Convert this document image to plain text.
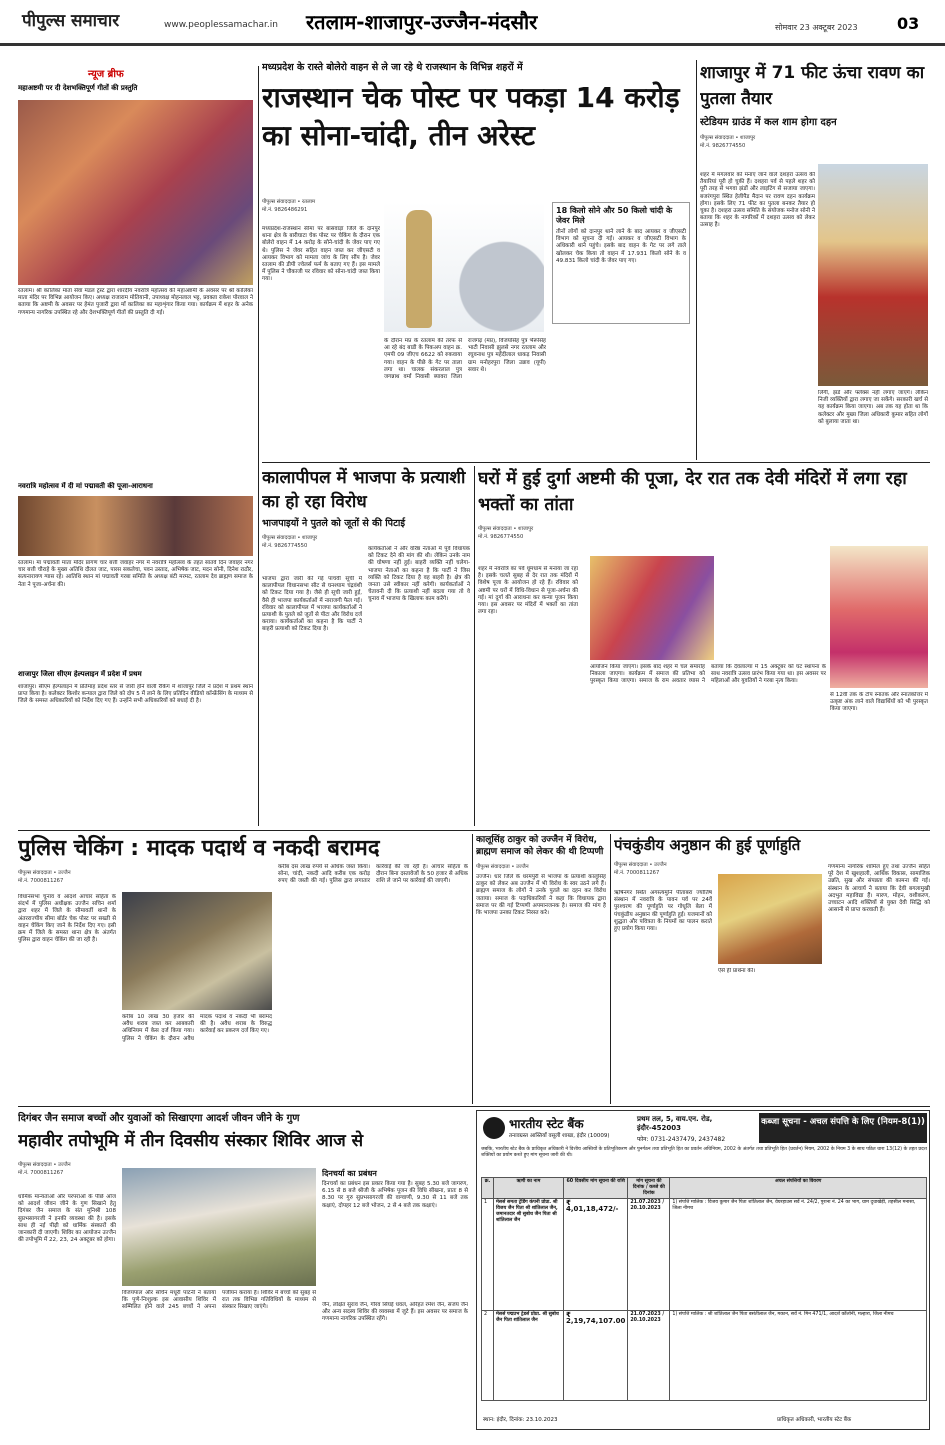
पीपुल्स समाचार	www.peoplessamachar.in रतलाम-शाजापुर-उज्जैन-मंदसौर	सोमवार 23 अक्टूबर 2023 03
न्यूज ब्रीफ
महाअष्टमी पर दी देशभक्तिपूर्ण गीतों की प्रस्तुति
रतलाम। श्री कालिका माता सेवा मंडल ट्रस्ट द्वारा शारदीय नवरात्रि महोत्सव की महाअष्टमी के अवसर पर श्री कालिका माता मंदिर पर विभिन्न आयोजन किए। अध्यक्ष राजाराम मोतियानी, उपाध्यक्ष मोहनलाल भट्ट, प्रवक्ता राकेश पोरवाल ने बताया कि अष्टमी के अवसर पर हेमंत पुजारी द्वारा माँ कालिका का महाशृंगार किया गया। कार्यक्रम में शहर के अनेक गणमान्य नागरिक उपस्थित रहे और देशभक्तिपूर्ण गीतों की प्रस्तुति दी गई।
नवरात्रि महोत्सव में दी मां पद्मावती की पूजा-आराधना
रतलाम। मां पद्मावती माता मंदिर प्रांगण चार बत्ती जवाहर नगर में नवरात्रि महोत्सव के तहत सातवें दिन जवाहर नगर चार बत्ती चौराहे के मुख्य अतिथि दौलत जाट, पारस सकलेचा, पवन उस्ताद, अभिषेक जाट, मदन सोनी, दिनेश राठौर, सत्यनारायण ग्यास रहे। आतिथि स्थान मां पद्मावती गरबा समिति के अध्यक्ष बंटी मरमट, रतलाम देव ब्राह्मण समाज के नेता ने पूजा-अर्चना की।
शाजापुर जिला सीएम हेल्पलाइन में प्रदेश में प्रथम
शाजापुर। सीएम हेल्पलाइन में प्रतिमाह प्रदेश स्तर से जारी होने वाली रैंकिंग में शाजापुर जिले ने प्रदेश में प्रथम स्थान प्राप्त किया है। कलेक्टर किशोर कन्याल द्वारा जिले को दोप 5 में लाने के लिए प्रतिदिन वीडियो कॉन्फ्रेंसिंग के माध्यम से जिले के समस्त अधिकारियों को निर्देश दिए गए हैं। उन्होंने सभी अधिकारियों को बधाई दी है।
मध्यप्रदेश के रास्ते बोलेरो वाहन से ले जा रहे थे राजस्थान के विभिन्न शहरों में
राजस्थान चेक पोस्ट पर पकड़ा 14 करोड़ का सोना-चांदी, तीन अरेस्ट
पीपुल्स संवाददाता • रतलाम
मो.नं. 9826486291
मध्यप्रदेश-राजस्थान सीमा पर बांसवाड़ा जिले के दानपुर थाना क्षेत्र के बारीघाटा चेक पोस्ट पर चेकिंग के दौरान एक बोलेरो वाहन में 14 करोड़ के सोने-चांदी के जेवर पाए गए थे। पुलिस ने जेवर सहित वाहन जब्त कर जीएसटी व आयकर विभाग को मामला जांच के लिए सौंप है। जेवर रतलाम की डीपी ज्वेलर्स फर्म के बताए गए हैं। इस मामले में पुलिस ने चौकाजी पर रविवार को सोना-चांदी जब्त किया गया।
के दौरान मप्र के रतलाम की तरफ से आ रहे बंद बाडी के पिकअप वाहन क्र. एमपी 09 जीएच 6622 को रुकवाया गया। वाहन के पीछे के गेट पर ताला लगा था। चालक संकरलाल पुत्र जगन्नाथ वर्मा निवासी ब्यावरा जिला राजगढ़ (मप्र), विजयसिंह पुत्र भैरूसिंह भाटी निवासी झुलसे नगर रतलाम और रघुवनाथ पुत्र महेंदीलाल धाकड़ निवासी ग्राम मनोहरपुरा जिला उन्नाव (यूपी) सवार थे।
18 किलो सोने और 50 किलो चांदी के जेवर मिले
तीनों लोगों को दानपुर थाने लाने के बाद आयकर व जीएसटी विभाग को सूचना दी गई। आयकर व जीएसटी विभाग के अधिकारी थाने पहुंचे। इसके बाद वाहन के गेट पर लगे ताले खोलकर चेक किया तो वाहन में 17.931 किलो सोने के व 49.831 किलो चांदी के जेवर पाए गए।
शाजापुर में 71 फीट ऊंचा रावण का पुतला तैयार
स्टेडियम ग्राउंड में कल शाम होगा दहन
पीपुल्स संवाददाता • शाजापुर
मो.नं. 9826774550
शहर में मंगलवार को मनाए जाने वाले दशहरा उत्सव की तैयारियां पूरी हो चुकी हैं। दशहरा पर्व से पहले शहर को पूरी तरह से भगवा झंडों और लाइटिंग से सजाया जाएगा। बजरंगपुरा स्थित हेलीपैड मैदान पर रावण दहन कार्यक्रम होगा। इसके लिए 71 फीट का पुतला बनकर तैयार हो चुका है। दशहरा उत्सव समिति के संयोजक मनोज सोनी ने बताया कि शहर के नागरिकों में दशहरा उत्सव को लेकर उत्साह है।
लिंगी, झंडे और फ्लेक्स नहीं लगाए जाएंगे। लेकिन निजी व्यक्तियों द्वारा लगाए जा सकेंगे। सरकारी खर्च से यह कार्यक्रम किया जाएगा। अब तक यह होता था कि कलेक्टर और मुख्य जिला अधिकारी कुमार सहित लोगों को बुलाया जाता था।
कालापीपल में भाजपा के प्रत्याशी का हो रहा विरोध
भाजपाइयों ने पुतले को जूतों से की पिटाई
पीपुल्स संवाददाता • शाजापुर
मो.नं. 9826774550
भाजपा द्वारा जारी की गई पांचवीं सूची में कालापीपल विधानसभा सीट से घनश्याम चंद्रवंशी को टिकट दिया गया है। जैसे ही सूची जारी हुई, वैसे ही भाजपा कार्यकर्ताओं में नाराजगी फैल गई। रविवार को कालापीपल में भाजपा कार्यकर्ताओं ने प्रत्याशी के पुतले को जूतों से पीटा और विरोध दर्ज कराया। कार्यकर्ताओं का कहना है कि पार्टी ने बाहरी प्रत्याशी को टिकट दिया है।
कार्यकर्ताओं ने और वरिष्ठ नेताओं में पूर्व विधायक को टिकट देने की मांग की थी। लेकिन उनके नाम की घोषणा नहीं हुई। बाहरी व्यक्ति नहीं चलेगा- भाजपा नेताओं का कहना है कि पार्टी ने जिस व्यक्ति को टिकट दिया है वह बाहरी है। क्षेत्र की जनता उसे स्वीकार नहीं करेगी। कार्यकर्ताओं ने चेतावनी दी कि प्रत्याशी नहीं बदला गया तो वे चुनाव में भाजपा के खिलाफ काम करेंगे।
घरों में हुई दुर्गा अष्टमी की पूजा, देर रात तक देवी मंदिरों में लगा रहा भक्तों का तांता
पीपुल्स संवाददाता • शाजापुर
मो.नं. 9826774550
शहर में नवरात्रि का पर्व धूमधाम से मनाया जा रहा है। इसके चलते सुबह से देर रात तक मंदिरों में विशेष पूजा के आयोजन हो रहे हैं। रविवार को अष्टमी पर घरों में विधि-विधान से पूजा-अर्चना की गई। मां दुर्गा की आराधना कर कन्या पूजन किया गया। इस अवसर पर मंदिरों में भक्तों का तांता लगा रहा।
आयोजन किया जाएगा। इसके बाद शहर में चल समारोह निकाला जाएगा। कार्यक्रम में समाज की प्रतिभा को पुरस्कृत किया जाएगा। समाज के राम अवतार व्यास ने बताया कि देवलाल्या में 15 अक्टूबर को घट स्थापना के साथ नवरात्रि उत्सव प्रारंभ किया गया था। इस अवसर पर महिलाओं और युवतियों ने गरबा नृत्य किया।
से 12वीं तक के टॉप स्नातक और स्नातकोत्तर में उत्कृष्ट अंक लाने वाले विद्यार्थियों को भी पुरस्कृत किया जाएगा।
पुलिस चेकिंग : मादक पदार्थ व नकदी बरामद
पीपुल्स संवाददाता • उज्जैन
मो.नं. 7000811267
विधानसभा चुनाव व आदर्श आचार संहिता के संदर्भ में पुलिस अधीक्षक उज्जैन सचिन शर्मा द्वारा शहर में जिले के सीमावर्ती थानों के अंतरराज्यीय सीमा बॉर्डर चेक पोस्ट पर सख्ती से वाहन चेकिंग किए जाने के निर्देश दिए गए। इसी क्रम में जिले के समस्त थाना क्षेत्र के अंतर्गत पुलिस द्वारा वाहन चेकिंग की जा रही है।
करीब 10 लाख 30 हजार की अवैध शराब जब्त कर आबकारी अधिनियम में केस दर्ज किया गया। पुलिस ने चेकिंग के दौरान अवैध मादक पदार्थ व नकदी भी बरामद की है। अवैध शराब के विरुद्ध कार्रवाई कर प्रकरण दर्ज किए गए।
करीब दस लाख रुपये से अधिक जब्त किया। सोना, चांदी, नकदी आदि करीब एक करोड़ रुपए की जब्ती की गई। पुलिस द्वारा लगातार कार्रवाई की जा रही है। आचार संहिता के दौरान बिना दस्तावेजों के 50 हजार से अधिक राशि ले जाने पर कार्रवाई की जाएगी।
कालूसिंह ठाकुर को उज्जैन में विरोध, ब्राह्मण समाज को लेकर की थी टिप्पणी
पीपुल्स संवाददाता • उज्जैन
उज्जैन। धार जिले के धरमपुरी से भाजपा के प्रत्याशी कालूसिंह ठाकुर को लेकर अब उज्जैन में भी विरोध के स्वर उठने लगे हैं। ब्राह्मण समाज के लोगों ने उनके पुतले का दहन कर विरोध जताया। समाज के पदाधिकारियों ने कहा कि विधायक द्वारा समाज पर की गई टिप्पणी अपमानजनक है। समाज की मांग है कि भाजपा उनका टिकट निरस्त करे।
पंचकुंडीय अनुष्ठान की हुई पूर्णाहुति
पीपुल्स संवाददाता • उज्जैन
मो.नं. 7000811267
ऋषिनगर स्थित अगस्त्यमुनि पीतांबरा ज्योतिष संस्थान में नवरात्रि के पावन पर्व पर 24वें पुरश्चरण की पूर्णाहुति पर गोधूलि बेला में पंचकुंडीय अनुष्ठान की पूर्णाहुति हुई। यजमानों को शुद्धता और पवित्रता के नियमों का पालन कराते हुए प्रयोग किया गया।
ऐसे ही प्रार्थना की।
गणमान्य नागरिक शामिल हुए तथा उज्जैन सहित पूरे देश में खुशहाली, आर्थिक विकास, सामाजिक उन्नति, सुख और संपन्नता की कामना की गई। संस्थान के आचार्य ने बताया कि देवी बगलामुखी अदभुत महाविद्या हैं। मारण, मोहन, वशीकरण, उच्चाटन आदि शक्तियों से युक्त देवी सिद्धि को आसानी से प्राप्त करवाती हैं।
दिगंबर जैन समाज बच्चों और युवाओं को सिखाएगा आदर्श जीवन जीने के गुण
महावीर तपोभूमि में तीन दिवसीय संस्कार शिविर आज से
पीपुल्स संवाददाता • उज्जैन
मो.नं. 7000811267
धार्मिक मान्यताओं और परंपराओं के पीछे ओज को आदर्श जीवन जीने के गुण सिखाने हेतु दिगंबर जैन समाज के संत मुनिश्री 108 सुप्रभसागरजी ने इनकी व्यवस्था की है। इसके साथ ही नई पीढ़ी को धार्मिक संस्कारों की जानकारी दी जाएगी। शिविर का आयोजन उज्जैन की तपोभूमि में 22, 23, 24 अक्टूबर को होगा।
विजयपाल और सचिन मधूरी पाटनी ने बताया कि पुणे-निःशुल्क इस आवासीय शिविर में सम्मिलित होने वाले 245 बच्चों ने अपना पंजीयन कराया है। शिविर में बच्चों को सुबह से रात तक विभिन्न गतिविधियों के माध्यम से संस्कार सिखाए जाएंगे।
दिनचर्या का प्रबंधन
दिनचर्या का प्रबंधन इस प्रकार किया गया है। सुबह 5.30 बजे जागरण, 6.15 से 8 बजे श्रीजी के अभिषेक पूजन की विधि सीखना, प्रातः 8 से 8.30 पर गुरु सुप्रभसागरजी की वाग्वाणी, 9.30 से 11 बजे तक कक्षाएं, दोपहर 12 बजे भोजन, 2 से 4 बजे तक कक्षाएं।
जैन, लक्षित सुराव जैन, गौरव सिंघई धवल, अरिहंत रमेश जैन, संजय जैन और अन्य सदस्य शिविर की व्यवस्था में जुटे हैं। इस अवसर पर समाज के गणमान्य नागरिक उपस्थित रहेंगे।
भारतीय स्टेट बैंक
तनावग्रस्त आस्तियाँ वसूली शाखा, इंदौर (10009)
प्रथम तल, 5, वाय.एन. रोड, इंदौर-452003
फोन: 0731-2437479, 2437482
कब्जा सूचना - अचल संपत्ति के लिए (नियम-8(1))
जबकि, भारतीय स्टेट बैंक के प्राधिकृत अधिकारी ने वित्तीय आस्तियों के प्रतिभूतिकरण और पुनर्गठन तथा प्रतिभूति हित का प्रवर्तन अधिनियम, 2002 के अंतर्गत तथा प्रतिभूति हित (प्रवर्तन) नियम, 2002 के नियम 3 के साथ पठित धारा 13(12) के तहत प्रदत्त शक्तियों का प्रयोग करते हुए मांग सूचना जारी की थी।
क्र.	ऋणी का नाम	60 दिवसीय मांग सूचना की राशि	मांग सूचना की दिनांक / कब्जे की दिनांक	अचल संपत्तियों का विवरण
1	मेसर्स समता ट्रेडिंग कंपनी प्रोप्रा. श्री विजय जैन पिता श्री शांतिलाल जैन, जमानतदार श्री सुबोध जैन पिता श्री शांतिलाल जैन	₹ 4,01,18,472/-	21.07.2023 / 20.10.2023	1) संपत्ति मालिक : विजय कुमार जैन पिता शांतिलाल जैन, वेयरहाउस सर्वे नं. 24/2, पुराना नं. 24 का भाग, ग्राम दुधाखेड़ी, तहसील मनासा, जिला नीमच
2	मेसर्स पद्मप्रभ ट्रेडर्स प्रोप्रा. श्री सुबोध जैन पिता शांतिलाल जैन	₹ 2,19,74,107.00	21.07.2023 / 20.10.2023	1) संपत्ति मालिक : श्री शांतिलाल जैन पिता बसंतीलाल जैन, मकान, सर्वे नं. मिन 471/1, आदर्श कॉलोनी, मल्हारा, जिला नीमच
स्थान: इंदौर, दिनांक: 23.10.2023	प्राधिकृत अधिकारी, भारतीय स्टेट बैंक
